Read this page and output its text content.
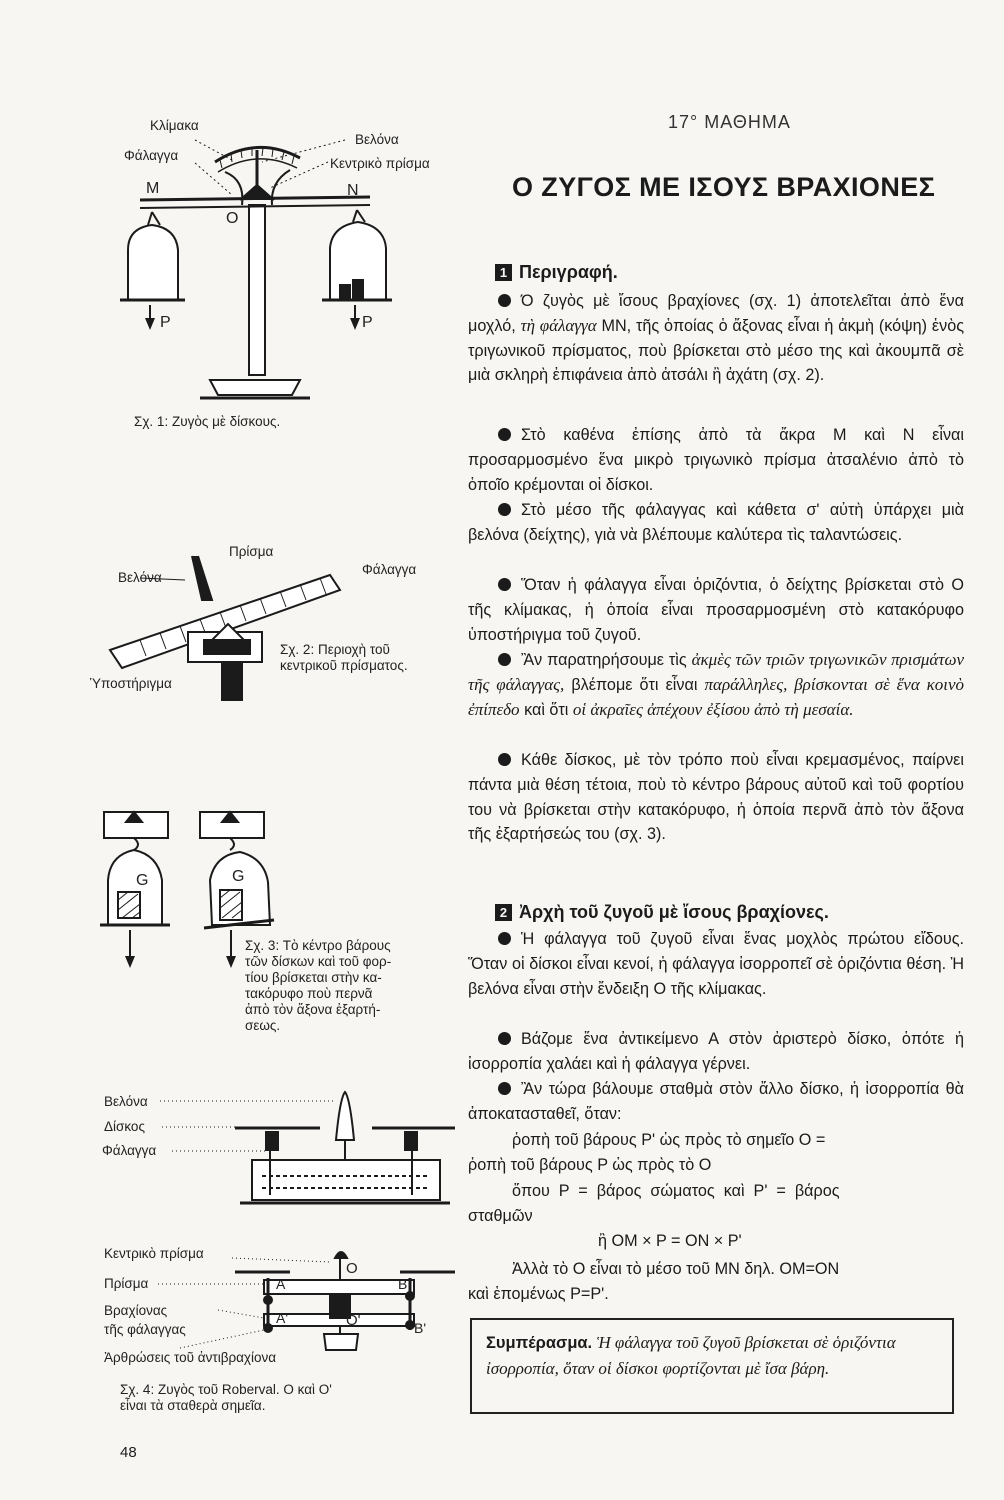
17° ΜΑΘΗΜΑ
Ο ΖΥΓΟΣ ΜΕ ΙΣΟΥΣ ΒΡΑΧΙΟΝΕΣ
1 Περιγραφή.
Ό ζυγὸς μὲ ἴσους βραχίονες (σχ. 1) ἀποτελεῖται ἀπὸ ἕνα μοχλό, τὴ φάλαγγα ΜΝ, τῆς ὁποίας ὁ ἄξονας εἶναι ἡ ἀκμὴ (κόψη) ἑνὸς τριγωνικοῦ πρίσματος, ποὺ βρίσκεται στὸ μέσο της καὶ ἀκουμπᾶ σὲ μιὰ σκληρὴ ἐπιφάνεια ἀπὸ ἀτσάλι ἢ ἀχάτη (σχ. 2).
Στὸ καθένα ἐπίσης ἀπὸ τὰ ἄκρα Μ καὶ Ν εἶναι προσαρμοσμένο ἕνα μικρὸ τριγωνικὸ πρίσμα ἀτσαλένιο ἀπὸ τὸ ὁποῖο κρέμονται οἱ δίσκοι.
Στὸ μέσο τῆς φάλαγγας καὶ κάθετα σ' αὐτὴ ὑπάρχει μιὰ βελόνα (δείχτης), γιὰ νὰ βλέπουμε καλύτερα τὶς ταλαντώσεις.
Ὅταν ἡ φάλαγγα εἶναι ὁριζόντια, ὁ δείχτης βρίσκεται στὸ Ο τῆς κλίμακας, ἡ ὁποία εἶναι προσαρμοσμένη στὸ κατακόρυφο ὑποστήριγμα τοῦ ζυγοῦ.
Ἂν παρατηρήσουμε τὶς ἀκμὲς τῶν τριῶν τριγωνικῶν πρισμάτων τῆς φάλαγγας, βλέπομε ὅτι εἶναι παράλληλες, βρίσκονται σὲ ἕνα κοινὸ ἐπίπεδο καὶ ὅτι οἱ ἀκραῖες ἀπέχουν ἐξίσου ἀπὸ τὴ μεσαία.
Κάθε δίσκος, μὲ τὸν τρόπο ποὺ εἶναι κρεμασμένος, παίρνει πάντα μιὰ θέση τέτοια, ποὺ τὸ κέντρο βάρους αὐτοῦ καὶ τοῦ φορτίου του νὰ βρίσκεται στὴν κατακόρυφο, ἡ ὁποία περνᾶ ἀπὸ τὸν ἄξονα τῆς ἐξαρτήσεώς του (σχ. 3).
2 Ἀρχὴ τοῦ ζυγοῦ μὲ ἴσους βραχίονες.
Ἡ φάλαγγα τοῦ ζυγοῦ εἶναι ἕνας μοχλὸς πρώτου εἴδους. Ὅταν οἱ δίσκοι εἶναι κενοί, ἡ φάλαγγα ἰσορροπεῖ σὲ ὁριζόντια θέση. Ἡ βελόνα εἶναι στὴν ἔνδειξη Ο τῆς κλίμακας.
Βάζομε ἕνα ἀντικείμενο Α στὸν ἀριστερὸ δίσκο, ὁπότε ἡ ἰσορροπία χαλάει καὶ ἡ φάλαγγα γέρνει.
Ἂν τώρα βάλουμε σταθμὰ στὸν ἄλλο δίσκο, ἡ ἰσορροπία θὰ ἀποκατασταθεῖ, ὅταν:
ῥοπὴ τοῦ βάρους Ρ' ὡς πρὸς τὸ σημεῖο Ο =
ῥοπὴ τοῦ βάρους Ρ ὡς πρὸς τὸ Ο
ὅπου  Ρ  =  βάρος  σώματος  καὶ  Ρ'  =  βάρος
σταθμῶν
ἢ ΟΜ × Ρ = ΟΝ × Ρ'
Ἀλλὰ τὸ Ο εἶναι τὸ μέσο τοῦ ΜΝ δηλ. ΟΜ=ΟΝ
καὶ ἑπομένως Ρ=Ρ'.
Συμπέρασμα. Ἡ φάλαγγα τοῦ ζυγοῦ βρίσκεται σὲ ὁριζόντια ἰσορροπία, ὅταν οἱ δίσκοι φορτίζονται μὲ ἴσα βάρη.
Κλίμακα
Βελόνα
Φάλαγγα
Κεντρικὸ πρίσμα
Μ	Ν
Ο
P	P
Σχ. 1: Ζυγὸς μὲ δίσκους.
Πρίσμα
Βελόνα
Φάλαγγα
Ὑποστήριγμα
Σχ. 2: Περιοχὴ τοῦ
κεντρικοῦ πρίσματος.
G	G
Σχ. 3: Τὸ κέντρο βάρους
τῶν δίσκων καὶ τοῦ φορ-
τίου βρίσκεται στὴν κα-
τακόρυφο ποὺ περνᾶ
ἀπὸ τὸν ἄξονα ἐξαρτή-
σεως.
Βελόνα
Δίσκος
Φάλαγγα
Κεντρικὸ πρίσμα
Πρίσμα
Βραχίονας
τῆς φάλαγγας
Ἀρθρώσεις τοῦ ἀντιβραχίονα
A	B
A'
B'
O
O'
Σχ. 4: Ζυγὸς τοῦ Roberval. Ο καὶ Ο'
εἶναι τὰ σταθερὰ σημεῖα.
48
